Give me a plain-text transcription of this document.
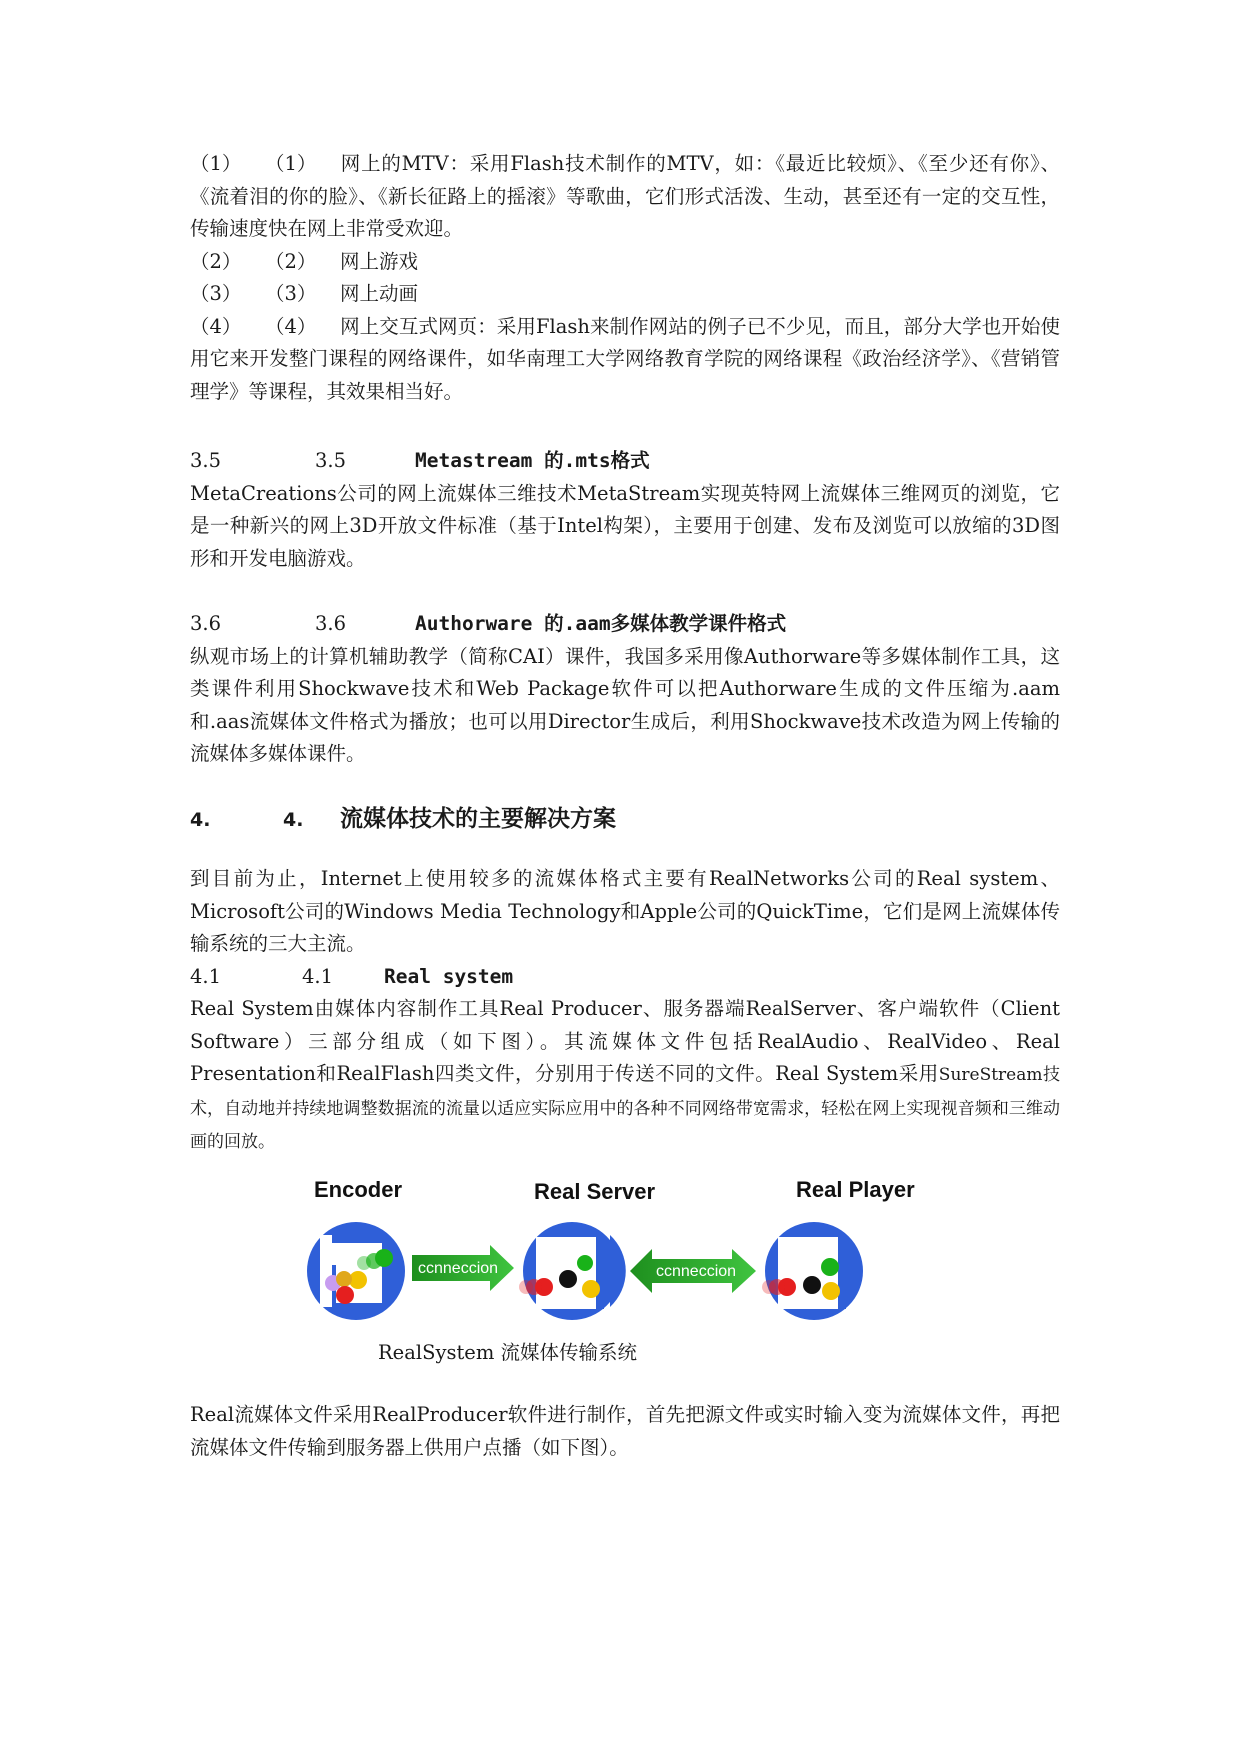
（1） （1） 网上的MTV：采用Flash技术制作的MTV，如：《最近比较烦》、《至少还有你》、《流着泪的你的脸》、《新长征路上的摇滚》等歌曲，它们形式活泼、生动，甚至还有一定的交互性，传输速度快在网上非常受欢迎。

（2）	（2）	网上游戏
（3）	（3）	网上动画

（4） （4） 网上交互式网页：采用Flash来制作网站的例子已不少见，而且，部分大学也开始使用它来开发整门课程的网络课件，如华南理工大学网络教育学院的网络课程《政治经济学》、《营销管理学》等课程，其效果相当好。

3.5	3.5	Metastream 的.mts格式

MetaCreations公司的网上流媒体三维技术MetaStream实现英特网上流媒体三维网页的浏览，它是一种新兴的网上3D开放文件标准（基于Intel构架），主要用于创建、发布及浏览可以放缩的3D图形和开发电脑游戏。

3.6	3.6	Authorware 的.aam多媒体教学课件格式

纵观市场上的计算机辅助教学（简称CAI）课件，我国多采用像Authorware等多媒体制作工具，这类课件利用Shockwave技术和Web Package软件可以把Authorware生成的文件压缩为.aam和.aas流媒体文件格式为播放；也可以用Director生成后，利用Shockwave技术改造为网上传输的流媒体多媒体课件。

4.	4.	流媒体技术的主要解决方案

到目前为止，Internet上使用较多的流媒体格式主要有RealNetworks公司的Real system、Microsoft公司的Windows Media Technology和Apple公司的QuickTime，它们是网上流媒体传输系统的三大主流。

4.1	4.1	Real system

Real System由媒体内容制作工具Real Producer、服务器端RealServer、客户端软件（Client Software）三部分组成（如下图）。其流媒体文件包括RealAudio、RealVideo、Real Presentation和RealFlash四类文件，分别用于传送不同的文件。Real System采用SureStream技术，自动地并持续地调整数据流的流量以适应实际应用中的各种不同网络带宽需求，轻松在网上实现视音频和三维动画的回放。

Encoder	Real Server	Real Player
ccnneccion	ccnneccion
RealSystem 流媒体传输系统

Real流媒体文件采用RealProducer软件进行制作，首先把源文件或实时输入变为流媒体文件，再把流媒体文件传输到服务器上供用户点播（如下图）。
